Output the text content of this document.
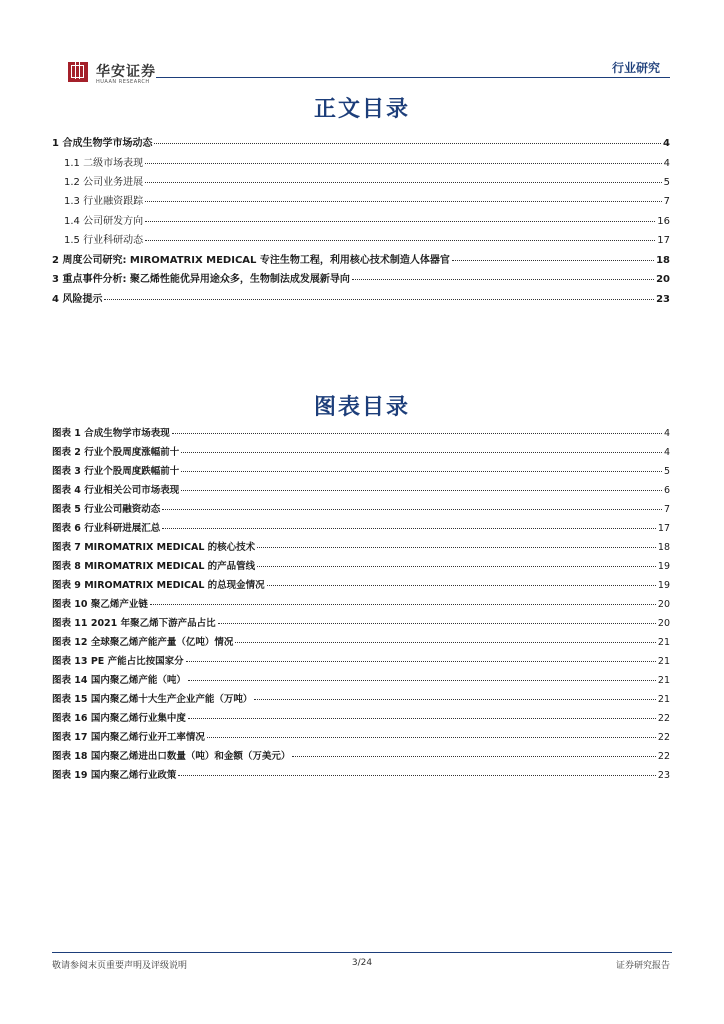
华安证券
HUAAN RESEARCH
行业研究
正文目录
1 合成生物学市场动态	4
1.1 二级市场表现	4
1.2 公司业务进展	5
1.3 行业融资跟踪	7
1.4 公司研发方向	16
1.5 行业科研动态	17
2 周度公司研究: MIROMATRIX MEDICAL 专注生物工程，利用核心技术制造人体器官	18
3 重点事件分析: 聚乙烯性能优异用途众多，生物制法成发展新导向	20
4 风险提示	23
图表目录
图表 1 合成生物学市场表现	4
图表 2 行业个股周度涨幅前十	4
图表 3 行业个股周度跌幅前十	5
图表 4 行业相关公司市场表现	6
图表 5 行业公司融资动态	7
图表 6 行业科研进展汇总	17
图表 7 MIROMATRIX MEDICAL 的核心技术	18
图表 8 MIROMATRIX MEDICAL 的产品管线	19
图表 9 MIROMATRIX MEDICAL 的总现金情况	19
图表 10 聚乙烯产业链	20
图表 11 2021 年聚乙烯下游产品占比	20
图表 12 全球聚乙烯产能产量（亿吨）情况	21
图表 13 PE 产能占比按国家分	21
图表 14 国内聚乙烯产能（吨）	21
图表 15 国内聚乙烯十大生产企业产能（万吨）	21
图表 16 国内聚乙烯行业集中度	22
图表 17 国内聚乙烯行业开工率情况	22
图表 18 国内聚乙烯进出口数量（吨）和金额（万美元）	22
图表 19 国内聚乙烯行业政策	23
敬请参阅末页重要声明及评级说明	3/24	证券研究报告
